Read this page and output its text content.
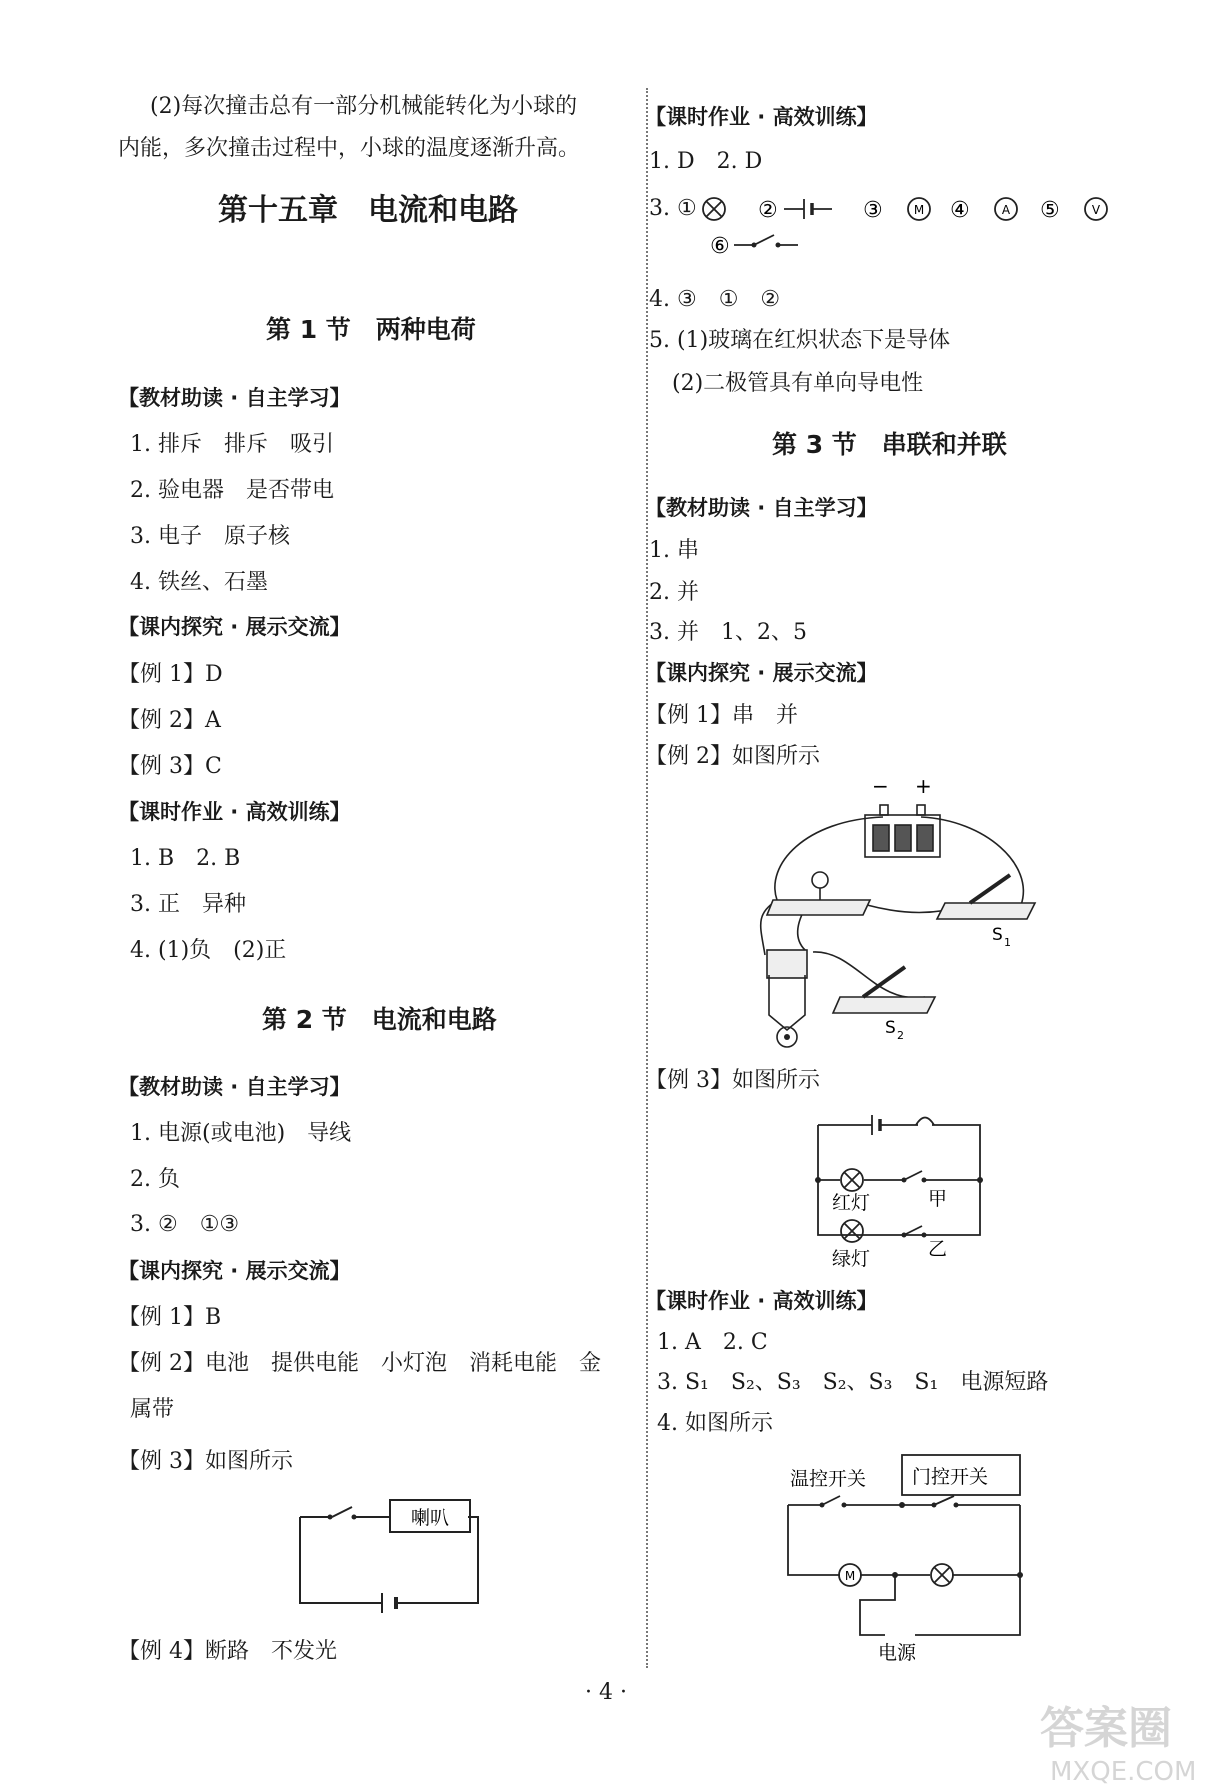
(2)每次撞击总有一部分机械能转化为小球的
内能，多次撞击过程中，小球的温度逐渐升高。
第十五章　电流和电路
第 1 节　两种电荷
【教材助读 · 自主学习】
1. 排斥　排斥　吸引
2. 验电器　是否带电
3. 电子　原子核
4. 铁丝、石墨
【课内探究 · 展示交流】
【例 1】D
【例 2】A
【例 3】C
【课时作业 · 高效训练】
1. B　2. B
3. 正　异种
4. (1)负　(2)正
第 2 节　电流和电路
【教材助读 · 自主学习】
1. 电源(或电池)　导线
2. 负
3. ②　①③
【课内探究 · 展示交流】
【例 1】B
【例 2】电池　提供电能　小灯泡　消耗电能　金
属带
【例 3】如图所示
喇叭
【例 4】断路　不发光
【课时作业 · 高效训练】
1. D　2. D
3. ①	②	③	M ④	A ⑤	V
⑥
4. ③　①　②
5. (1)玻璃在红炽状态下是导体
(2)二极管具有单向导电性
第 3 节　串联和并联
【教材助读 · 自主学习】
1. 串
2. 并
3. 并　1、2、5
【课内探究 · 展示交流】
【例 1】串　并
【例 2】如图所示
− +
S 1
S 2
【例 3】如图所示
红灯
绿灯
甲
乙
【课时作业 · 高效训练】
1. A　2. C
3. S₁　S₂、S₃　S₂、S₃　S₁　电源短路
4. 如图所示
温控开关 门控开关
M
电源
· 4 ·
答案圈
MXQE.COM
